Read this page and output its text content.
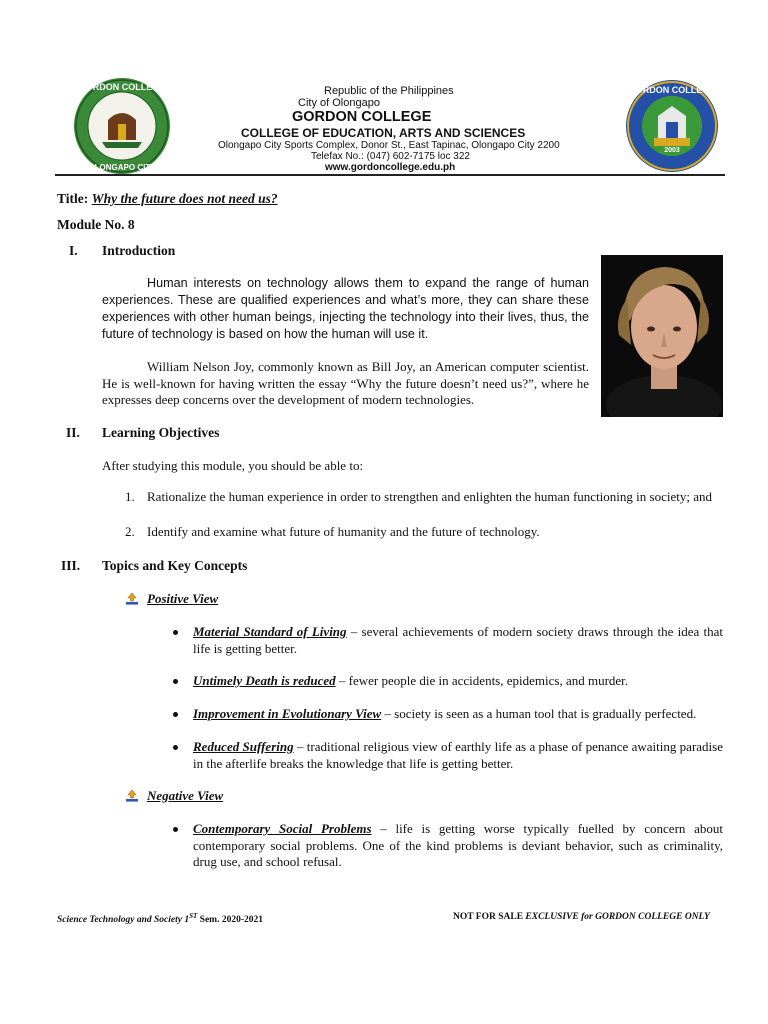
GORDON COLLEGE
OLONGAPO CITY
2003
GORDON COLLEGE
Republic of the Philippines
City of Olongapo
GORDON COLLEGE
COLLEGE OF EDUCATION, ARTS AND SCIENCES
Olongapo City Sports Complex, Donor St., East Tapinac, Olongapo City 2200
Telefax No.: (047) 602-7175 loc 322
www.gordoncollege.edu.ph
Title: Why the future does not need us?
Module No. 8
I. Introduction
Human interests on technology allows them to expand the range of human experiences. These are qualified experiences and what’s more, they can share these experiences with other human beings, injecting the technology into their lives, thus, the future of technology is based on how the human will use it.
William Nelson Joy, commonly known as Bill Joy, an American computer scientist. He is well-known for having written the essay “Why the future doesn’t need us?”, where he expresses deep concerns over the development of modern technologies.
II. Learning Objectives
After studying this module, you should be able to:
1. Rationalize the human experience in order to strengthen and enlighten the human functioning in society; and
2. Identify and examine what future of humanity and the future of technology.
III. Topics and Key Concepts
Positive View
Material Standard of Living – several achievements of modern society draws through the idea that life is getting better.
Untimely Death is reduced – fewer people die in accidents, epidemics, and murder.
Improvement in Evolutionary View – society is seen as a human tool that is gradually perfected.
Reduced Suffering – traditional religious view of earthly life as a phase of penance awaiting paradise in the afterlife breaks the knowledge that life is getting better.
Negative View
Contemporary Social Problems – life is getting worse typically fuelled by concern about contemporary social problems. One of the kind problems is deviant behavior, such as criminality, drug use, and school refusal.
Science Technology and Society 1ST Sem. 2020-2021	NOT FOR SALE EXCLUSIVE for GORDON COLLEGE ONLY
